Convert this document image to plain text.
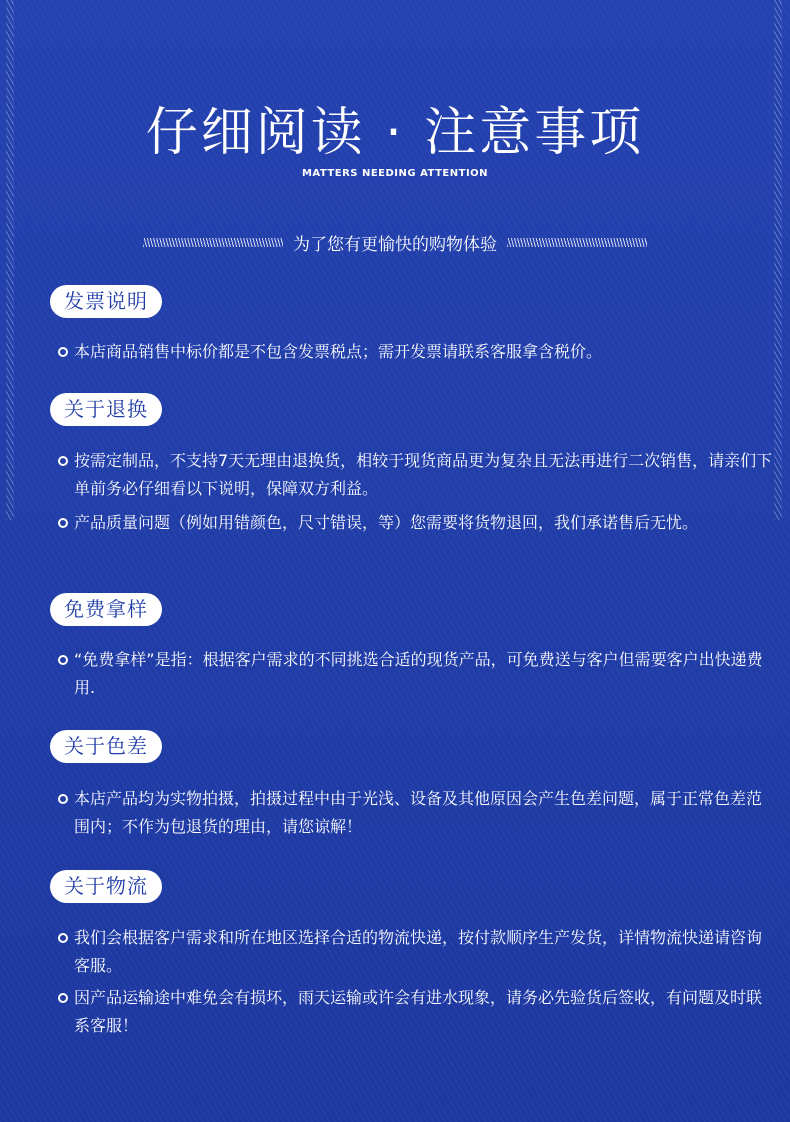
仔细阅读 · 注意事项
MATTERS NEEDING ATTENTION
为了您有更愉快的购物体验
发票说明
本店商品销售中标价都是不包含发票税点；需开发票请联系客服拿含税价。
关于退换
按需定制品，不支持7天无理由退换货，相较于现货商品更为复杂且无法再进行二次销售，请亲们下单前务必仔细看以下说明，保障双方利益。
产品质量问题（例如用错颜色，尺寸错误，等）您需要将货物退回，我们承诺售后无忧。
免费拿样
“免费拿样”是指：根据客户需求的不同挑选合适的现货产品，可免费送与客户但需要客户出快递费用.
关于色差
本店产品均为实物拍摄，拍摄过程中由于光浅、设备及其他原因会产生色差问题，属于正常色差范围内；不作为包退货的理由，请您谅解！
关于物流
我们会根据客户需求和所在地区选择合适的物流快递，按付款顺序生产发货，详情物流快递请咨询客服。
因产品运输途中难免会有损坏，雨天运输或许会有进水现象，请务必先验货后签收，有问题及时联系客服！
